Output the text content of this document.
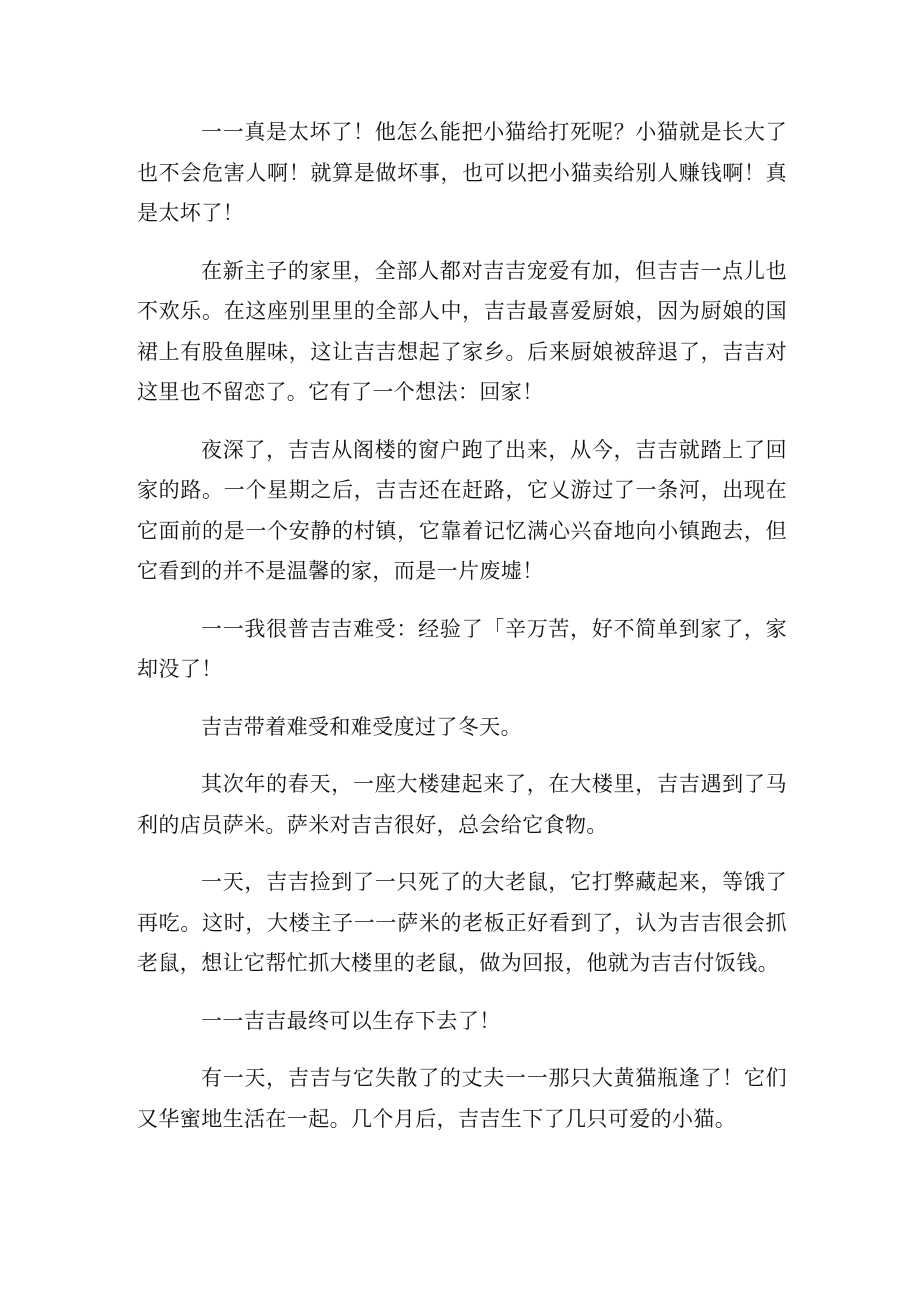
一一真是太坏了！他怎么能把小猫给打死呢？小猫就是长大了也不会危害人啊！就算是做坏事，也可以把小猫卖给别人赚钱啊！真是太坏了！

在新主子的家里，全部人都对吉吉宠爱有加，但吉吉一点儿也不欢乐。在这座别里里的全部人中，吉吉最喜爱厨娘，因为厨娘的国裙上有股鱼腥味，这让吉吉想起了家乡。后来厨娘被辞退了，吉吉对这里也不留恋了。它有了一个想法：回家！

夜深了，吉吉从阁楼的窗户跑了出来，从今，吉吉就踏上了回家的路。一个星期之后，吉吉还在赶路，它乂游过了一条河，出现在它面前的是一个安静的村镇，它靠着记忆满心兴奋地向小镇跑去，但它看到的并不是温馨的家，而是一片废墟！

一一我很普吉吉难受：经验了「辛万苦，好不简单到家了，家却没了！

吉吉带着难受和难受度过了冬天。

其次年的春天，一座大楼建起来了，在大楼里，吉吉遇到了马利的店员萨米。萨米对吉吉很好，总会给它食物。

一天，吉吉捡到了一只死了的大老鼠，它打弊藏起来，等饿了再吃。这时，大楼主子一一萨米的老板正好看到了，认为吉吉很会抓老鼠，想让它帮忙抓大楼里的老鼠，做为回报，他就为吉吉付饭钱。

一一吉吉最终可以生存下去了！

有一天，吉吉与它失散了的丈夫一一那只大黄猫瓶逢了！它们又华蜜地生活在一起。几个月后，吉吉生下了几只可爱的小猫。
